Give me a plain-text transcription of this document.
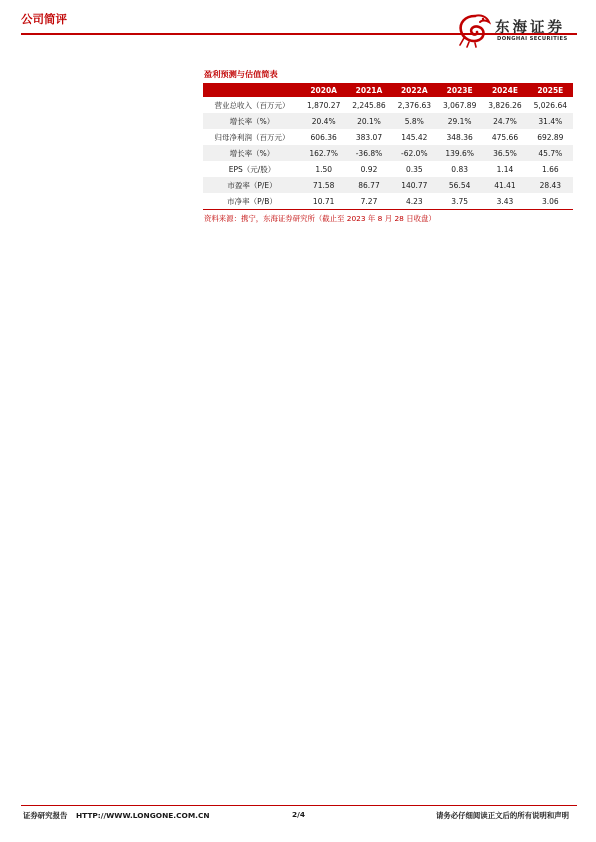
公司简评
东海证券
DONGHAI SECURITIES
盈利预测与估值简表
	2020A	2021A	2022A	2023E	2024E	2025E
营业总收入（百万元）	1,870.27	2,245.86	2,376.63	3,067.89	3,826.26	5,026.64
增长率（%）	20.4%	20.1%	5.8%	29.1%	24.7%	31.4%
归母净利润（百万元）	606.36	383.07	145.42	348.36	475.66	692.89
增长率（%）	162.7%	-36.8%	-62.0%	139.6%	36.5%	45.7%
EPS（元/股）	1.50	0.92	0.35	0.83	1.14	1.66
市盈率（P/E）	71.58	86.77	140.77	56.54	41.41	28.43
市净率（P/B）	10.71	7.27	4.23	3.75	3.43	3.06
资料来源：携宁，东海证券研究所（截止至 2023 年 8 月 28 日收盘）
证券研究报告 HTTP://WWW.LONGONE.COM.CN	2/4	请务必仔细阅读正文后的所有说明和声明
